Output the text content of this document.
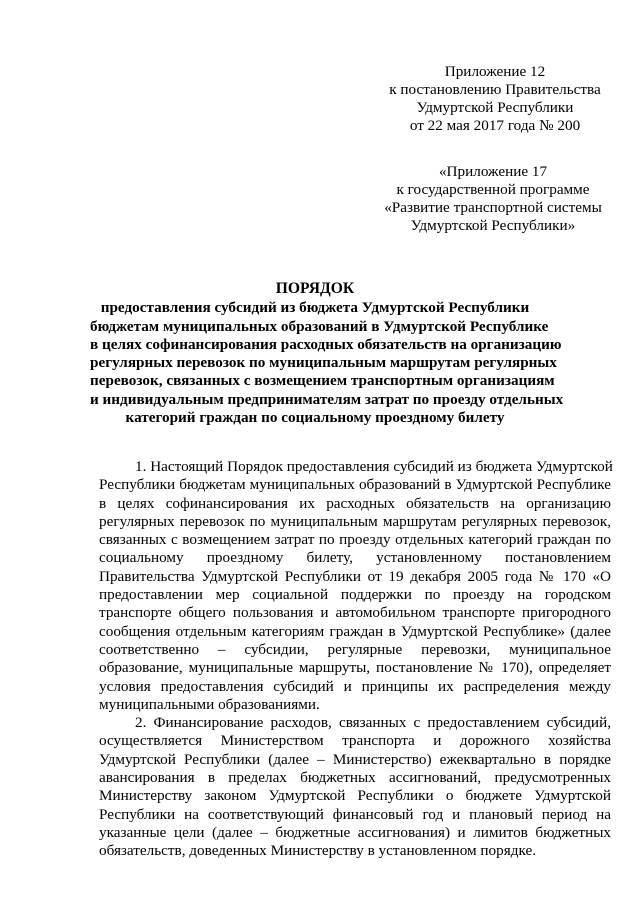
Приложение 12
к постановлению Правительства
Удмуртской Республики
от 22 мая 2017 года № 200
«Приложение 17
к государственной программе
«Развитие транспортной системы
Удмуртской Республики»
ПОРЯДОК
предоставления субсидий из бюджета Удмуртской Республики
бюджетам муниципальных образований в Удмуртской Республике
в целях софинансирования расходных обязательств на организацию
регулярных перевозок по муниципальным маршрутам регулярных
перевозок, связанных с возмещением транспортным организациям
и индивидуальным предпринимателям затрат по проезду отдельных
категорий граждан по социальному проездному билету
1. Настоящий Порядок предоставления субсидий из бюджета Удмуртской
Республики бюджетам муниципальных образований в Удмуртской Республике
в целях софинансирования их расходных обязательств на организацию
регулярных перевозок по муниципальным маршрутам регулярных перевозок,
связанных с возмещением затрат по проезду отдельных категорий граждан по
социальному проездному билету, установленному постановлением
Правительства Удмуртской Республики от 19 декабря 2005 года № 170 «О
предоставлении мер социальной поддержки по проезду на городском
транспорте общего пользования и автомобильном транспорте пригородного
сообщения отдельным категориям граждан в Удмуртской Республике» (далее
соответственно – субсидии, регулярные перевозки, муниципальное
образование, муниципальные маршруты, постановление № 170), определяет
условия предоставления субсидий и принципы их распределения между
муниципальными образованиями.
2. Финансирование расходов, связанных с предоставлением субсидий,
осуществляется Министерством транспорта и дорожного хозяйства
Удмуртской Республики (далее – Министерство) ежеквартально в порядке
авансирования в пределах бюджетных ассигнований, предусмотренных
Министерству законом Удмуртской Республики о бюджете Удмуртской
Республики на соответствующий финансовый год и плановый период на
указанные цели (далее – бюджетные ассигнования) и лимитов бюджетных
обязательств, доведенных Министерству в установленном порядке.
